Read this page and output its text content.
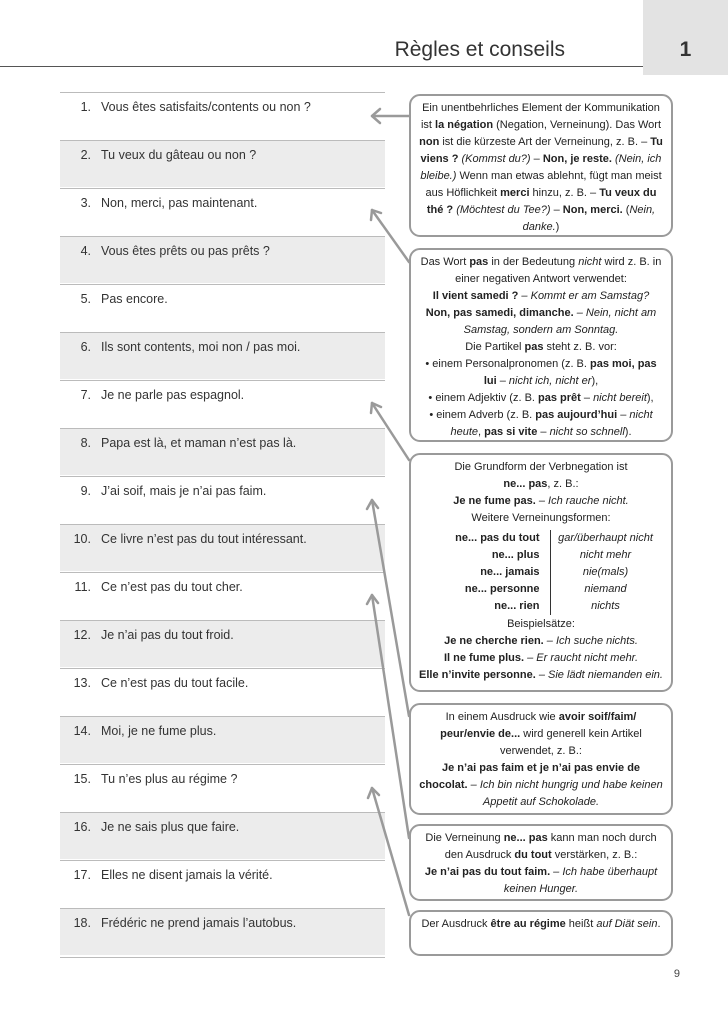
1
Règles et conseils
1. Vous êtes satisfaits/contents ou non ?
2. Tu veux du gâteau ou non ?
3. Non, merci, pas maintenant.
4. Vous êtes prêts ou pas prêts ?
5. Pas encore.
6. Ils sont contents, moi non / pas moi.
7. Je ne parle pas espagnol.
8. Papa est là, et maman n’est pas là.
9. J’ai soif, mais je n’ai pas faim.
10. Ce livre n’est pas du tout intéressant.
11. Ce n’est pas du tout cher.
12. Je n’ai pas du tout froid.
13. Ce n’est pas du tout facile.
14. Moi, je ne fume plus.
15. Tu n’es plus au régime ?
16. Je ne sais plus que faire.
17. Elles ne disent jamais la vérité.
18. Frédéric ne prend jamais l’autobus.

Ein unentbehrliches Element der Kommunikation ist la négation (Negation, Verneinung). Das Wort non ist die kürzeste Art der Verneinung, z. B. – Tu viens ? (Kommst du?) – Non, je reste. (Nein, ich bleibe.) Wenn man etwas ablehnt, fügt man meist aus Höflichkeit merci hinzu, z. B. – Tu veux du thé ? (Möchtest du Tee?) – Non, merci. (Nein, danke.)

Das Wort pas in der Bedeutung nicht wird z. B. in einer negativen Antwort verwendet:

Il vient samedi ? – Kommt er am Samstag?

Non, pas samedi, dimanche. – Nein, nicht am Samstag, sondern am Sonntag.

Die Partikel pas steht z. B. vor:

• einem Personalpronomen (z. B. pas moi, pas lui – nicht ich, nicht er),
• einem Adjektiv (z. B. pas prêt – nicht bereit),
• einem Adverb (z. B. pas aujourd’hui – nicht heute, pas si vite – nicht so schnell).

Die Grundform der Verbnegation ist

ne... pas, z. B.:

Je ne fume pas. – Ich rauche nicht.

Weitere Verneinungsformen:

ne... pas du tout
ne... plus
ne... jamais
ne... personne
ne... rien
gar/überhaupt nicht
nicht mehr
nie(mals)
niemand
nichts

Beispielsätze:

Je ne cherche rien. – Ich suche nichts.

Il ne fume plus. – Er raucht nicht mehr.

Elle n’invite personne. – Sie lädt niemanden ein.

In einem Ausdruck wie avoir soif/faim/ peur/envie de... wird generell kein Artikel verwendet, z. B.:

Je n’ai pas faim et je n’ai pas envie de chocolat. – Ich bin nicht hungrig und habe keinen Appetit auf Schokolade.

Die Verneinung ne... pas kann man noch durch den Ausdruck du tout verstärken, z. B.:

Je n’ai pas du tout faim. – Ich habe überhaupt keinen Hunger.

Der Ausdruck être au régime heißt auf Diät sein.

9
